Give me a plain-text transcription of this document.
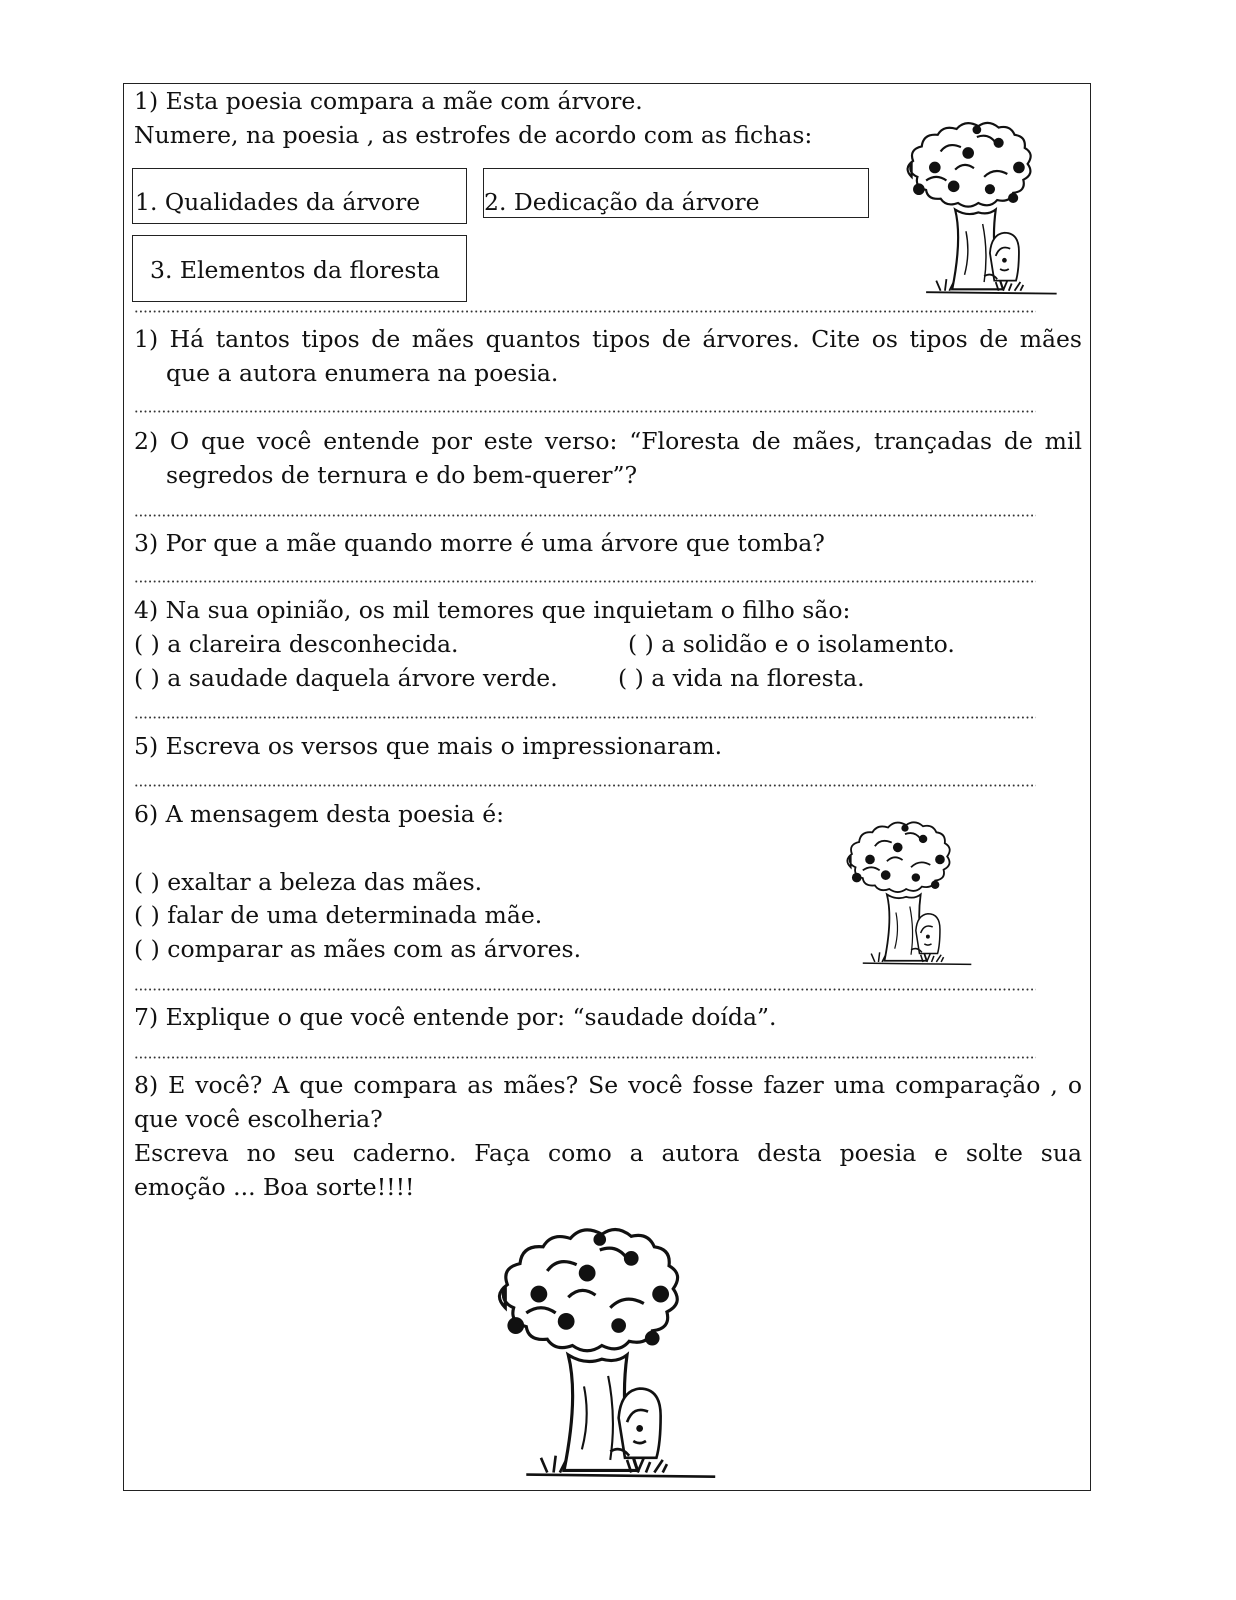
1) Esta poesia compara a mãe com árvore.
Numere, na poesia , as estrofes de acordo com as fichas:
1. Qualidades da árvore	2. Dedicação da árvore
3. Elementos da floresta
1) Há tantos tipos de mães quantos tipos de árvores. Cite os tipos de mães
que a autora enumera na poesia.
2) O que você entende por este verso: “Floresta de mães, trançadas de mil
segredos de ternura e do bem-querer”?
3) Por que a mãe quando morre é uma árvore que tomba?
4) Na sua opinião, os mil temores que inquietam o filho são:
( ) a clareira desconhecida.	( ) a solidão e o isolamento.
( ) a saudade daquela árvore verde.	( ) a vida na floresta.
5) Escreva os versos que mais o impressionaram.
6) A mensagem desta poesia é:
( ) exaltar a beleza das mães.
( ) falar de uma determinada mãe.
( ) comparar as mães com as árvores.
7) Explique o que você entende por: “saudade doída”.
8) E você? A que compara as mães? Se você fosse fazer uma comparação , o
que você escolheria?
Escreva no seu caderno. Faça como a autora desta poesia e solte sua
emoção ... Boa sorte!!!!
